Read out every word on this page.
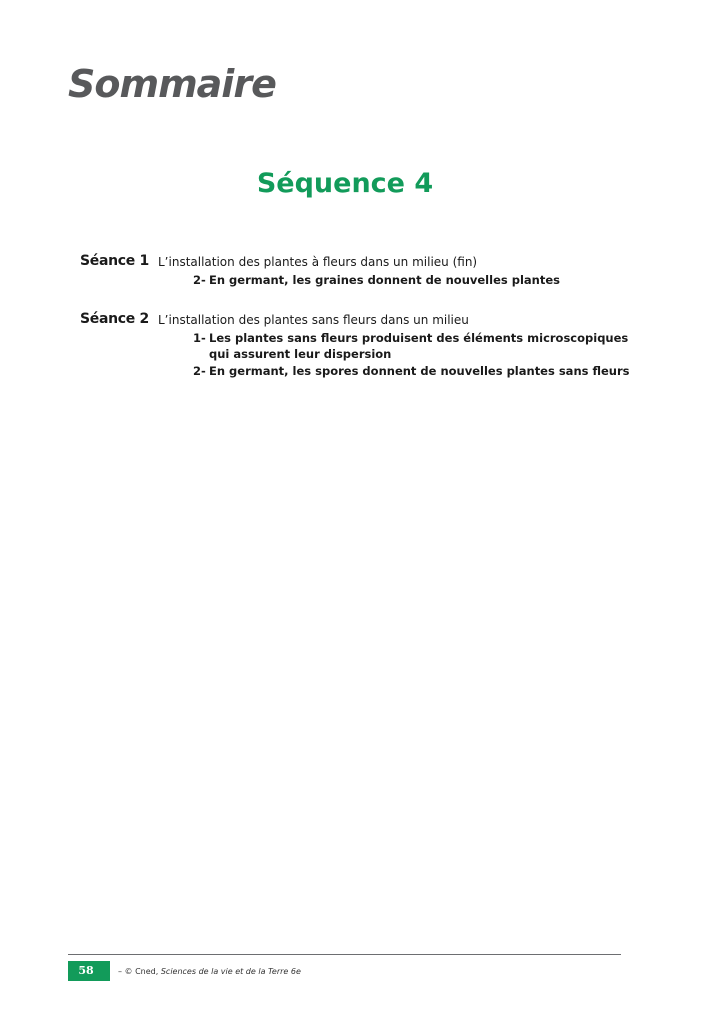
Sommaire
Séquence 4
Séance 1 L’installation des plantes à fleurs dans un milieu (fin)
2- En germant, les graines donnent de nouvelles plantes
Séance 2 L’installation des plantes sans fleurs dans un milieu
1- Les plantes sans fleurs produisent des éléments microscopiques qui assurent leur dispersion
2- En germant, les spores donnent de nouvelles plantes sans fleurs
58	– © Cned, Sciences de la vie et de la Terre 6e
